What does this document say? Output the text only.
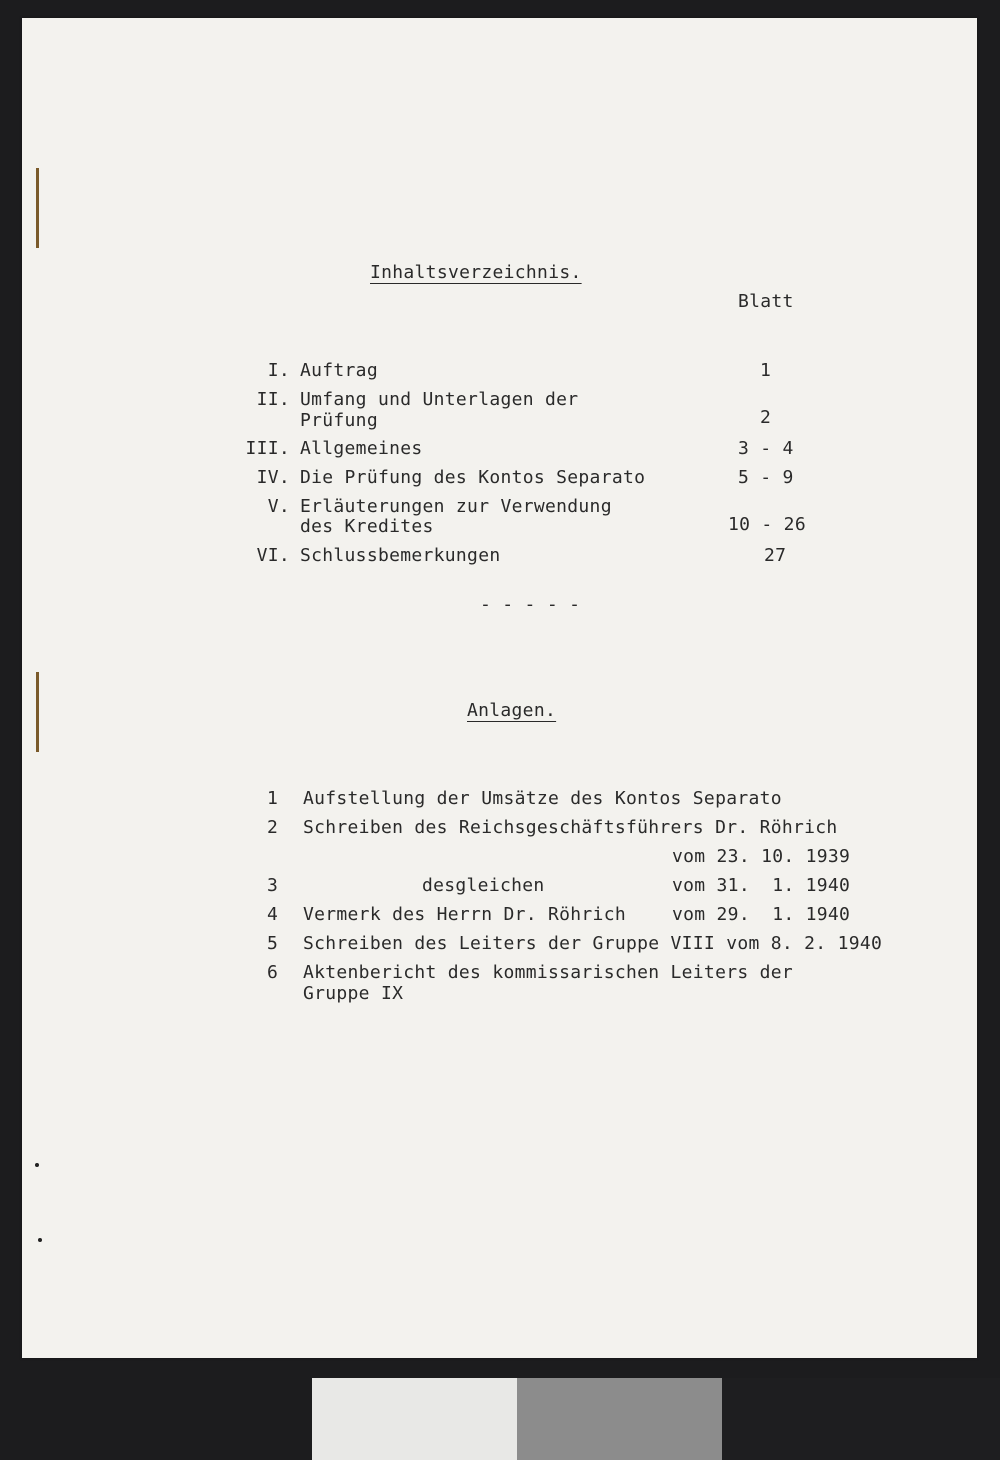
Inhaltsverzeichnis.
Blatt
I. Auftrag	1
II. Umfang und Unterlagen der
Prüfung	2
III. Allgemeines	3 - 4
IV. Die Prüfung des Kontos Separato	5 - 9
V. Erläuterungen zur Verwendung
des Kredites	10 - 26
VI. Schlussbemerkungen	27
- - - - -
Anlagen.
1 Aufstellung der Umsätze des Kontos Separato
2 Schreiben des Reichsgeschäftsführers Dr. Röhrich
vom 23. 10. 1939
3	desgleichen	vom 31.  1. 1940
4 Vermerk des Herrn Dr. Röhrich	vom 29.  1. 1940
5 Schreiben des Leiters der Gruppe VIII vom 8. 2. 1940
6 Aktenbericht des kommissarischen Leiters der
Gruppe IX
